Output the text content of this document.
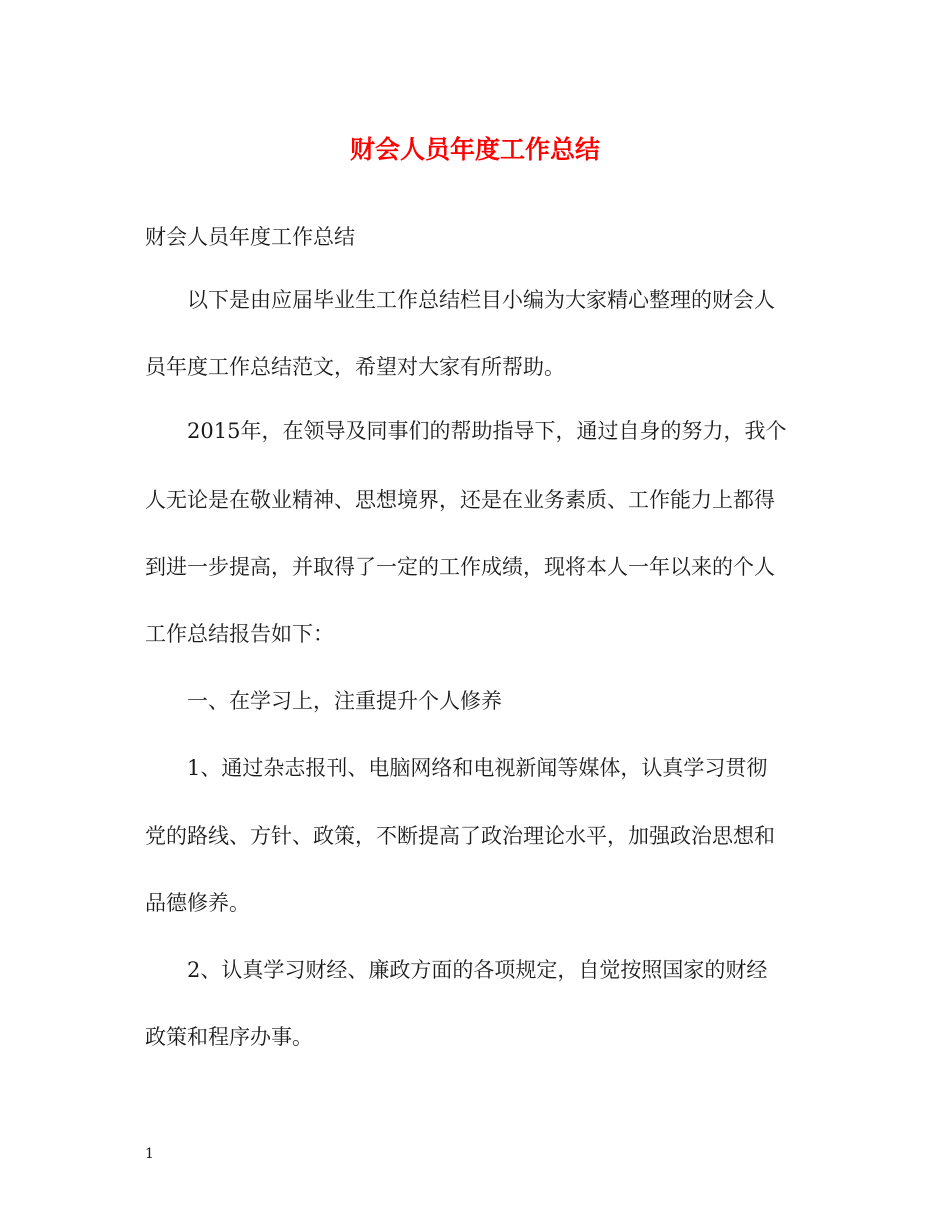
财会人员年度工作总结

财会人员年度工作总结

以下是由应届毕业生工作总结栏目小编为大家精心整理的财会人

员年度工作总结范文，希望对大家有所帮助。

2015年，在领导及同事们的帮助指导下，通过自身的努力，我个

人无论是在敬业精神、思想境界，还是在业务素质、工作能力上都得

到进一步提高，并取得了一定的工作成绩，现将本人一年以来的个人

工作总结报告如下：

一、在学习上，注重提升个人修养

1、通过杂志报刊、电脑网络和电视新闻等媒体，认真学习贯彻

党的路线、方针、政策，不断提高了政治理论水平，加强政治思想和

品德修养。

2、认真学习财经、廉政方面的各项规定，自觉按照国家的财经

政策和程序办事。

1
